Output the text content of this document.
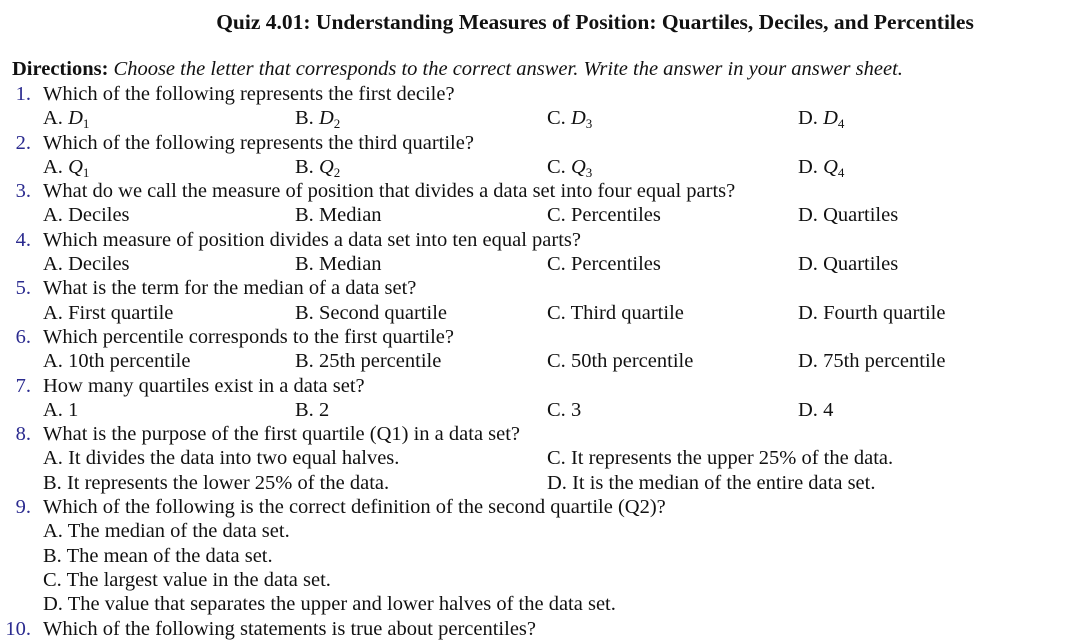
Quiz 4.01: Understanding Measures of Position: Quartiles, Deciles, and Percentiles
Directions: Choose the letter that corresponds to the correct answer. Write the answer in your answer sheet.
1. Which of the following represents the first decile?
A. $D_1$	B. $D_2$	C. $D_3$	D. $D_4$
2. Which of the following represents the third quartile?
A. $Q_1$	B. $Q_2$	C. $Q_3$	D. $Q_4$
3. What do we call the measure of position that divides a data set into four equal parts?
A. Deciles	B. Median	C. Percentiles	D. Quartiles
4. Which measure of position divides a data set into ten equal parts?
A. Deciles	B. Median	C. Percentiles	D. Quartiles
5. What is the term for the median of a data set?
A. First quartile	B. Second quartile	C. Third quartile	D. Fourth quartile
6. Which percentile corresponds to the first quartile?
A. 10th percentile	B. 25th percentile	C. 50th percentile	D. 75th percentile
7. How many quartiles exist in a data set?
A. 1	B. 2	C. 3	D. 4
8. What is the purpose of the first quartile (Q1) in a data set?
A. It divides the data into two equal halves.	C. It represents the upper 25% of the data.
B. It represents the lower 25% of the data.	D. It is the median of the entire data set.
9. Which of the following is the correct definition of the second quartile (Q2)?
A. The median of the data set.
B. The mean of the data set.
C. The largest value in the data set.
D. The value that separates the upper and lower halves of the data set.
10. Which of the following statements is true about percentiles?
